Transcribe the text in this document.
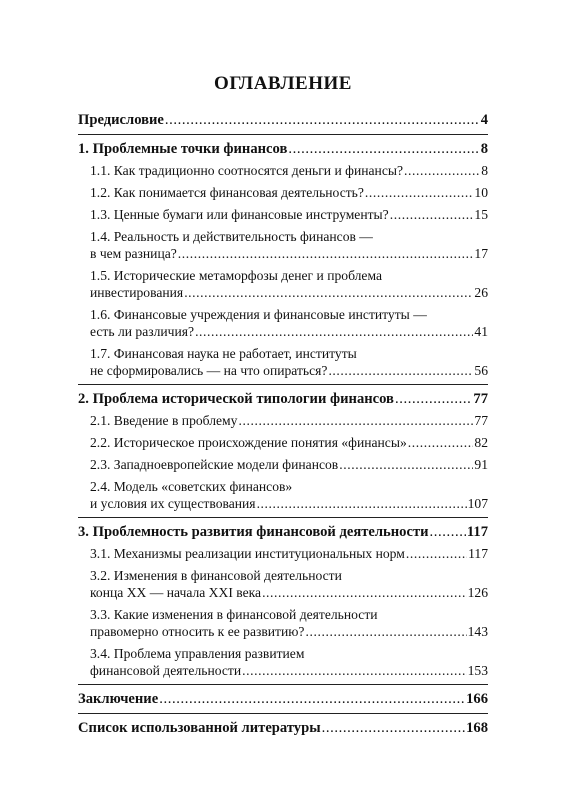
ОГЛАВЛЕНИЕ
Предисловие .....	4
1. Проблемные точки финансов .....	8
1.1. Как традиционно соотносятся деньги и финансы? .....	8
1.2. Как понимается финансовая деятельность? .....	10
1.3. Ценные бумаги или финансовые инструменты? .....	15
1.4. Реальность и действительность финансов —
в чем разница? .....	17
1.5. Исторические метаморфозы денег и проблема
инвестирования .....	26
1.6. Финансовые учреждения и финансовые институты —
есть ли различия? .....	41
1.7. Финансовая наука не работает, институты
не сформировались — на что опираться? .....	56
2. Проблема исторической типологии финансов .....	77
2.1. Введение в проблему .....	77
2.2. Историческое происхождение понятия «финансы» .....	82
2.3. Западноевропейские модели финансов .....	91
2.4. Модель «советских финансов»
и условия их существования .....	107
3. Проблемность развития финансовой деятельности .....	117
3.1. Механизмы реализации институциональных норм .....	117
3.2. Изменения в финансовой деятельности
конца XX — начала XXI века .....	126
3.3. Какие изменения в финансовой деятельности
правомерно относить к ее развитию? .....	143
3.4. Проблема управления развитием
финансовой деятельности .....	153
Заключение .....	166
Список использованной литературы .....	168
